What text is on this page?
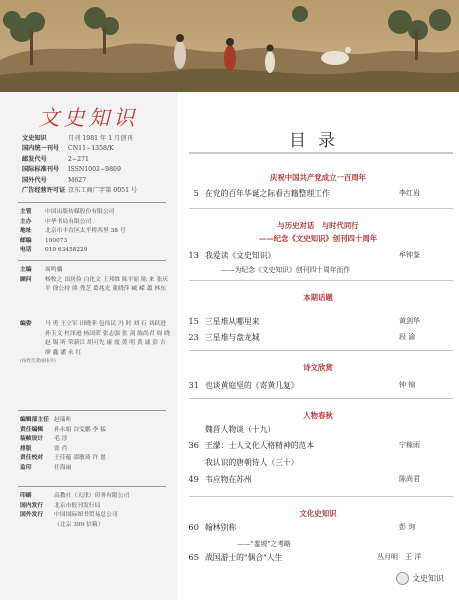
文史知识
文史知识	月刊 1981 年 1 月创刊
国内统一刊号	CN11−1358/K
邮发代号	2−271
国际标准刊号	ISSN1002−9869
国外代号	M627
广告经营许可证 京东工商广字第 0051 号
主管	中国出版传媒股份有限公司
主办	中华书局有限公司
地址	北京市丰台区太平桥西里 38 号
邮编	100073
电话	010 63458229
主编	周鸣骥
顾问	杨牧之 田居俭 白化文 王邦维 陈平原 陈 来 张庆平 徐公持 熊 秀芝 葛兆光 董晓萍 臧 嵘 蕭 林东
编委	马 勇 王立军 田晓菲 包伟民 冯 时 刘 石 刘跃进 孙玉文 杜泽逊 杨国荣 张志强 张 剑 陈尚君 周 晓 赵 锡 昕 荣新江 胡可先 康 震 黄 明 黄 诚 彭 吉 廖 鑫 潘 永 红
(按姓氏笔画排序)
编辑部主任 赵瑞昕
责任编辑	孙永娟 谷雯鹏 李 猛
装帧设计	毛 淳
排版	张 肖
责任校对	王佳蕴 邵敏琦 许 恩
监印	任海丽
印刷	高教社（天津）印务有限公司
国内发行	北京市报刊发行局
国外发行	中国国际图书贸易总公司
（北京 399 信箱）
目录
庆祝中国共产党成立一百周年
5 在党的百年华诞之际看古籍整理工作	李红岩
与历史对话　与时代同行
——纪念《文史知识》创刊四十周年
13 我爱读《文史知识》	牟钟鉴
——为纪念《文史知识》创刊四十周年而作
本期话题
15 三星堆从哪里来	黄剑华
23 三星堆与盘龙城	段 渝
诗文欣赏
31 也谈黄庭坚的《寄黄几复》	钟 锦
人物春秋
魏晋人物谈（十九）
36 王濛：士人文化人格精神的范本	宁稼雨
我认识的唐朝诗人（三十）
49 韦应物在苏州	陈尚君
文化史知识
60 翰林别称	彭 询
——"銮坡"之考略
65 战国游士的"偶合"人生	丛月明　王 洋
文史知识
